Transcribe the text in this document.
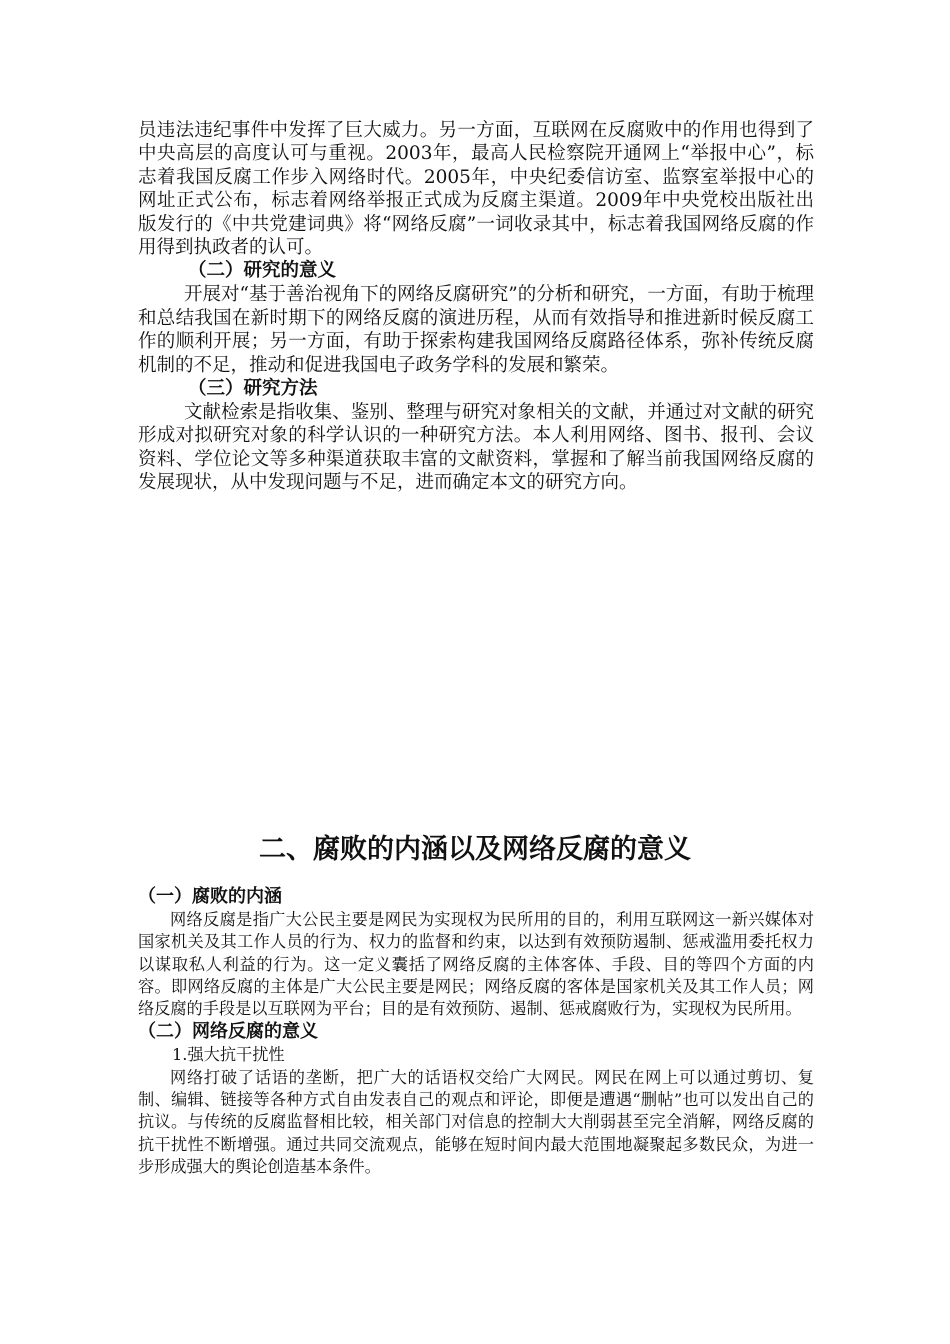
员违法违纪事件中发挥了巨大威力。另一方面，互联网在反腐败中的作用也得到了中央高层的高度认可与重视。2003年，最高人民检察院开通网上“举报中心”，标志着我国反腐工作步入网络时代。2005年，中央纪委信访室、监察室举报中心的网址正式公布，标志着网络举报正式成为反腐主渠道。2009年中央党校出版社出版发行的《中共党建词典》将“网络反腐”一词收录其中，标志着我国网络反腐的作用得到执政者的认可。

（二）研究的意义

开展对“基于善治视角下的网络反腐研究”的分析和研究，一方面，有助于梳理和总结我国在新时期下的网络反腐的演进历程，从而有效指导和推进新时候反腐工作的顺利开展；另一方面，有助于探索构建我国网络反腐路径体系，弥补传统反腐机制的不足，推动和促进我国电子政务学科的发展和繁荣。

（三）研究方法

文献检索是指收集、鉴别、整理与研究对象相关的文献，并通过对文献的研究形成对拟研究对象的科学认识的一种研究方法。本人利用网络、图书、报刊、会议资料、学位论文等多种渠道获取丰富的文献资料，掌握和了解当前我国网络反腐的发展现状，从中发现问题与不足，进而确定本文的研究方向。

二、腐败的内涵以及网络反腐的意义
（一）腐败的内涵

网络反腐是指广大公民主要是网民为实现权为民所用的目的，利用互联网这一新兴媒体对国家机关及其工作人员的行为、权力的监督和约束，以达到有效预防遏制、惩戒滥用委托权力以谋取私人利益的行为。这一定义囊括了网络反腐的主体客体、手段、目的等四个方面的内容。即网络反腐的主体是广大公民主要是网民；网络反腐的客体是国家机关及其工作人员；网络反腐的手段是以互联网为平台；目的是有效预防、遏制、惩戒腐败行为，实现权为民所用。

（二）网络反腐的意义

1.强大抗干扰性

网络打破了话语的垄断，把广大的话语权交给广大网民。网民在网上可以通过剪切、复制、编辑、链接等各种方式自由发表自己的观点和评论，即便是遭遇“删帖”也可以发出自己的抗议。与传统的反腐监督相比较，相关部门对信息的控制大大削弱甚至完全消解，网络反腐的抗干扰性不断增强。通过共同交流观点，能够在短时间内最大范围地凝聚起多数民众，为进一步形成强大的舆论创造基本条件。
